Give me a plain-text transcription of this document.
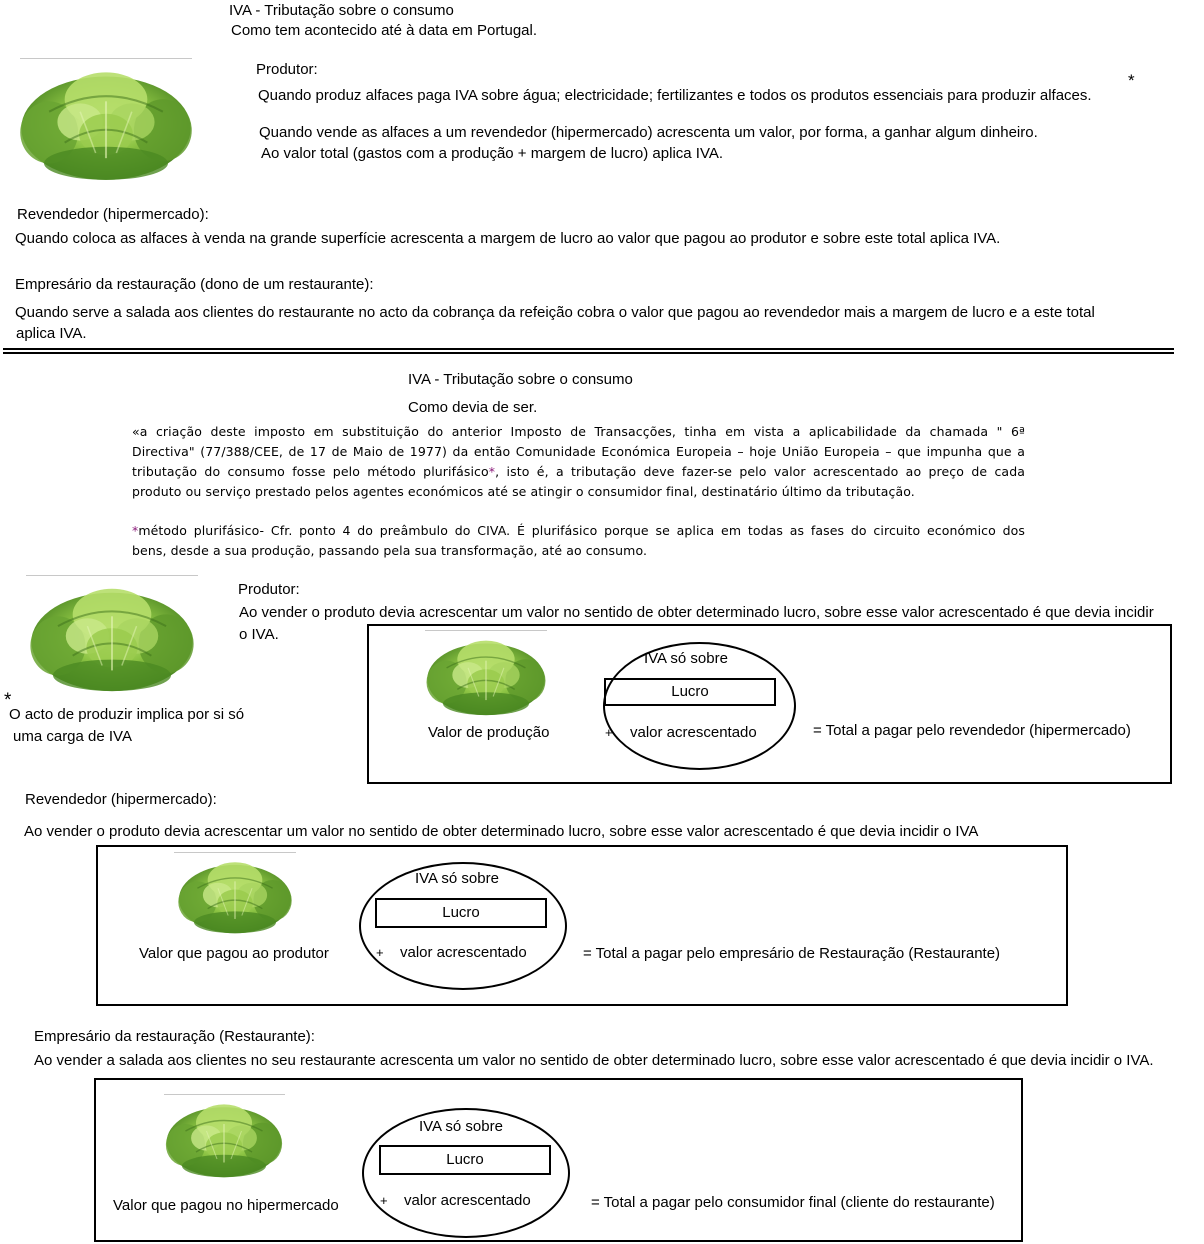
IVA - Tributação sobre o consumo
Como tem acontecido até à data em Portugal.
Produtor:
Quando produz alfaces paga IVA sobre água; electricidade; fertilizantes e todos os produtos essenciais para produzir alfaces.
*
Quando vende as alfaces a um revendedor (hipermercado) acrescenta um valor, por forma, a ganhar algum dinheiro.
Ao valor total (gastos com a produção + margem de lucro) aplica IVA.
Revendedor (hipermercado):
Quando coloca as alfaces à venda na grande superfície acrescenta a margem de lucro ao valor que pagou ao produtor e sobre este total aplica IVA.
Empresário da restauração (dono de um restaurante):
Quando serve a salada aos clientes do restaurante no acto da cobrança da refeição cobra o valor que pagou ao revendedor mais a margem de lucro e a este total
aplica IVA.
IVA - Tributação sobre o consumo
Como devia de ser.
«a criação deste imposto em substituição do anterior Imposto de Transacções, tinha em vista a aplicabilidade da chamada " 6ª
Directiva" (77/388/CEE, de 17 de Maio de 1977) da então Comunidade Económica Europeia – hoje União Europeia – que impunha que a
tributação do consumo fosse pelo método plurifásico*, isto é, a tributação deve fazer-se pelo valor acrescentado ao preço de cada
produto ou serviço prestado pelos agentes económicos até se atingir o consumidor final, destinatário último da tributação.
*método plurifásico- Cfr. ponto 4 do preâmbulo do CIVA. É plurifásico porque se aplica em todas as fases do circuito económico dos
bens, desde a sua produção, passando pela sua transformação, até ao consumo.
Produtor:
Ao vender o produto devia acrescentar um valor no sentido de obter determinado lucro, sobre esse valor acrescentado é que devia incidir
o IVA.
*
O acto de produzir implica por si só
uma carga de IVA	Valor de produção
IVA só sobre
Lucro
+ valor acrescentado	= Total a pagar pelo revendedor (hipermercado)
Revendedor (hipermercado):
Ao vender o produto devia acrescentar um valor no sentido de obter determinado lucro, sobre esse valor acrescentado é que devia incidir o IVA
Valor que pagou ao produtor
IVA só sobre
Lucro
+ valor acrescentado	= Total a pagar pelo empresário de Restauração (Restaurante)
Empresário da restauração (Restaurante):
Ao vender a salada aos clientes no seu restaurante acrescenta um valor no sentido de obter determinado lucro, sobre esse valor acrescentado é que devia incidir o IVA.
Valor que pagou no hipermercado
IVA só sobre
Lucro
+ valor acrescentado	= Total a pagar pelo consumidor final (cliente do restaurante)
